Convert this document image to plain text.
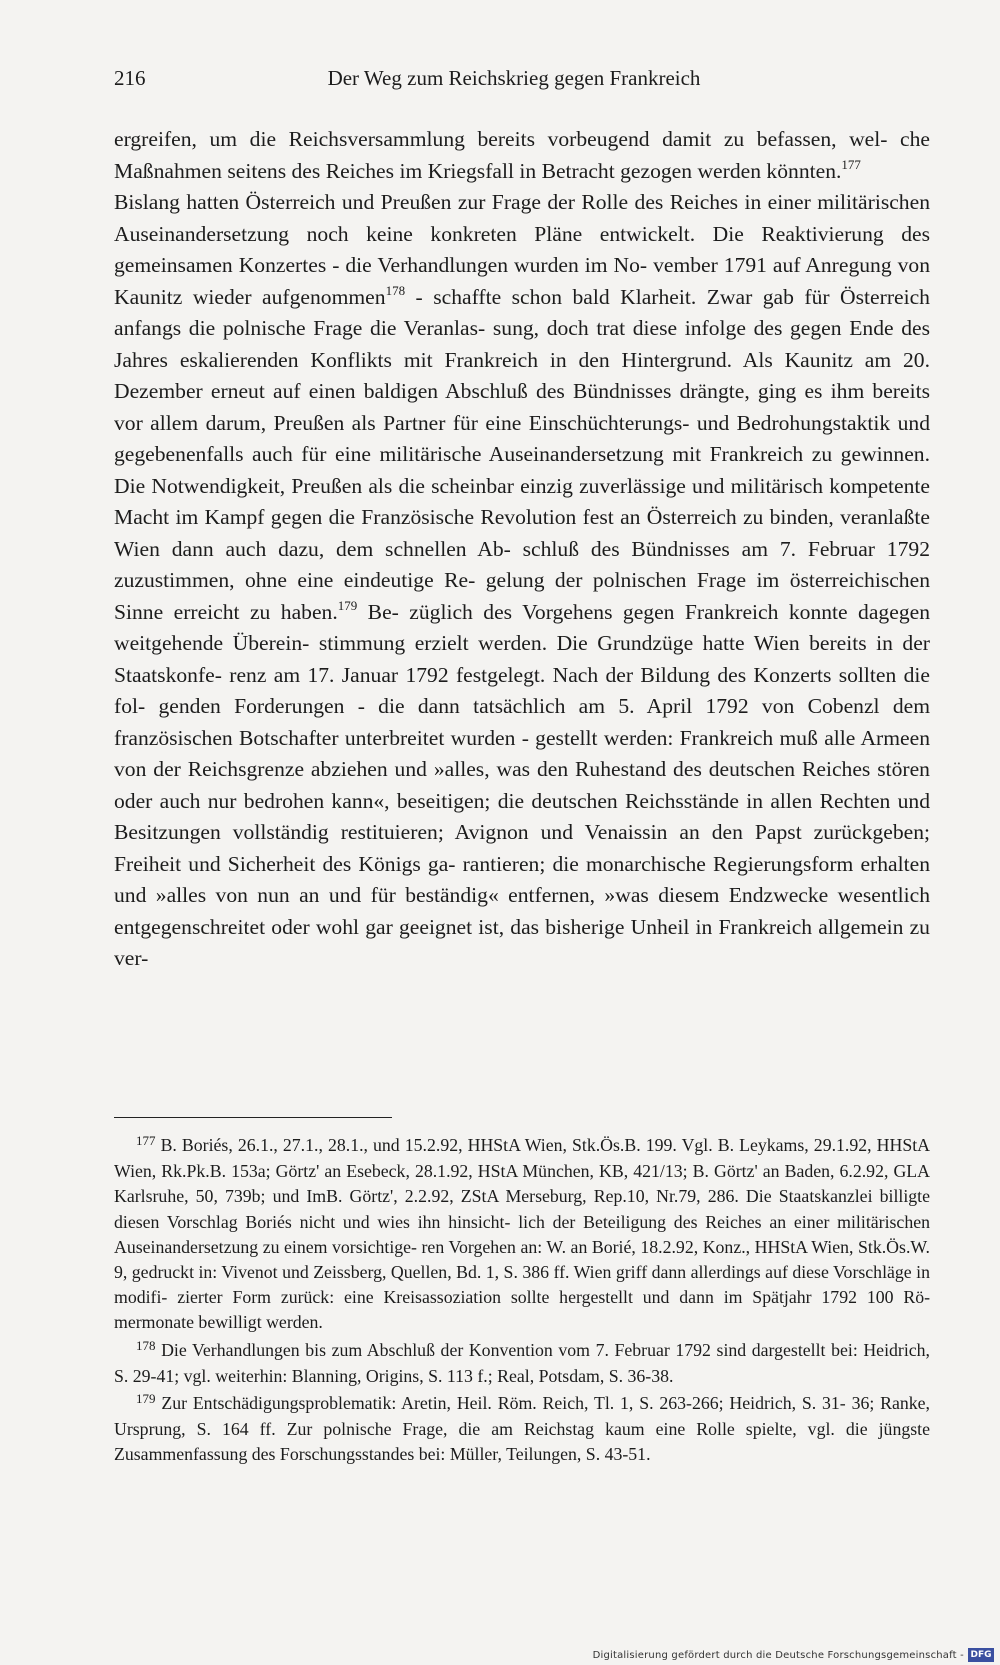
216	Der Weg zum Reichskrieg gegen Frankreich

ergreifen, um die Reichsversammlung bereits vorbeugend damit zu befassen, wel- che Maßnahmen seitens des Reiches im Kriegsfall in Betracht gezogen werden könnten.$^{177}$

Bislang hatten Österreich und Preußen zur Frage der Rolle des Reiches in einer militärischen Auseinandersetzung noch keine konkreten Pläne entwickelt. Die Reaktivierung des gemeinsamen Konzertes - die Verhandlungen wurden im No- vember 1791 auf Anregung von Kaunitz wieder aufgenommen$^{178}$ - schaffte schon bald Klarheit. Zwar gab für Österreich anfangs die polnische Frage die Veranlas- sung, doch trat diese infolge des gegen Ende des Jahres eskalierenden Konflikts mit Frankreich in den Hintergrund. Als Kaunitz am 20. Dezember erneut auf einen baldigen Abschluß des Bündnisses drängte, ging es ihm bereits vor allem darum, Preußen als Partner für eine Einschüchterungs- und Bedrohungstaktik und gegebenenfalls auch für eine militärische Auseinandersetzung mit Frankreich zu gewinnen. Die Notwendigkeit, Preußen als die scheinbar einzig zuverlässige und militärisch kompetente Macht im Kampf gegen die Französische Revolution fest an Österreich zu binden, veranlaßte Wien dann auch dazu, dem schnellen Ab- schluß des Bündnisses am 7. Februar 1792 zuzustimmen, ohne eine eindeutige Re- gelung der polnischen Frage im österreichischen Sinne erreicht zu haben.$^{179}$ Be- züglich des Vorgehens gegen Frankreich konnte dagegen weitgehende Überein- stimmung erzielt werden. Die Grundzüge hatte Wien bereits in der Staatskonfe- renz am 17. Januar 1792 festgelegt. Nach der Bildung des Konzerts sollten die fol- genden Forderungen - die dann tatsächlich am 5. April 1792 von Cobenzl dem französischen Botschafter unterbreitet wurden - gestellt werden: Frankreich muß alle Armeen von der Reichsgrenze abziehen und »alles, was den Ruhestand des deutschen Reiches stören oder auch nur bedrohen kann«, beseitigen; die deutschen Reichsstände in allen Rechten und Besitzungen vollständig restituieren; Avignon und Venaissin an den Papst zurückgeben; Freiheit und Sicherheit des Königs ga- rantieren; die monarchische Regierungsform erhalten und »alles von nun an und für beständig« entfernen, »was diesem Endzwecke wesentlich entgegenschreitet oder wohl gar geeignet ist, das bisherige Unheil in Frankreich allgemein zu ver-

$^{177}$ B. Boriés, 26.1., 27.1., 28.1., und 15.2.92, HHStA Wien, Stk.Ös.B. 199. Vgl. B. Leykams, 29.1.92, HHStA Wien, Rk.Pk.B. 153a; Görtz' an Esebeck, 28.1.92, HStA München, KB, 421/13; B. Görtz' an Baden, 6.2.92, GLA Karlsruhe, 50, 739b; und ImB. Görtz', 2.2.92, ZStA Merseburg, Rep.10, Nr.79, 286. Die Staatskanzlei billigte diesen Vorschlag Boriés nicht und wies ihn hinsicht- lich der Beteiligung des Reiches an einer militärischen Auseinandersetzung zu einem vorsichtige- ren Vorgehen an: W. an Borié, 18.2.92, Konz., HHStA Wien, Stk.Ös.W. 9, gedruckt in: Vivenot und Zeissberg, Quellen, Bd. 1, S. 386 ff. Wien griff dann allerdings auf diese Vorschläge in modifi- zierter Form zurück: eine Kreisassoziation sollte hergestellt und dann im Spätjahr 1792 100 Rö- mermonate bewilligt werden.

$^{178}$ Die Verhandlungen bis zum Abschluß der Konvention vom 7. Februar 1792 sind dargestellt bei: Heidrich, S. 29-41; vgl. weiterhin: Blanning, Origins, S. 113 f.; Real, Potsdam, S. 36-38.

$^{179}$ Zur Entschädigungsproblematik: Aretin, Heil. Röm. Reich, Tl. 1, S. 263-266; Heidrich, S. 31- 36; Ranke, Ursprung, S. 164 ff. Zur polnische Frage, die am Reichstag kaum eine Rolle spielte, vgl. die jüngste Zusammenfassung des Forschungsstandes bei: Müller, Teilungen, S. 43-51.

Digitalisierung gefördert durch die Deutsche Forschungsgemeinschaft - DFG
